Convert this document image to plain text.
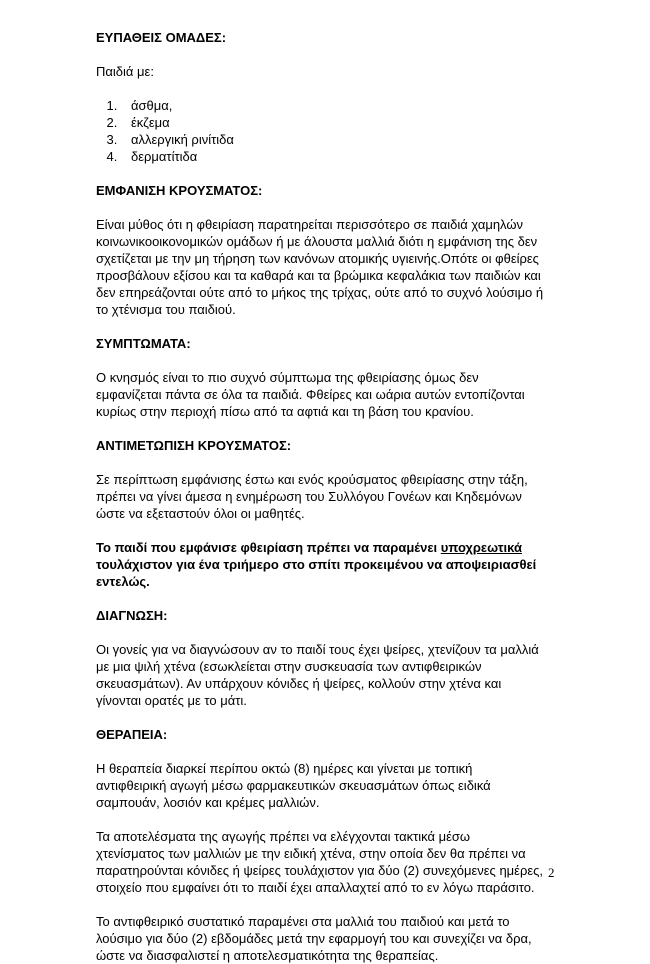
ΕΥΠΑΘΕΙΣ ΟΜΑΔΕΣ:

Παιδιά με:

1. άσθμα,
2. έκζεμα
3. αλλεργική ρινίτιδα
4. δερματίτιδα
ΕΜΦΑΝΙΣΗ ΚΡΟΥΣΜΑΤΟΣ:

Είναι μύθος ότι η φθειρίαση παρατηρείται περισσότερο σε παιδιά χαμηλών
κοινωνικοοικονομικών ομάδων ή με άλουστα μαλλιά διότι η εμφάνιση της δεν
σχετίζεται με την μη τήρηση των κανόνων ατομικής υγιεινής.Οπότε οι φθείρες
προσβάλουν εξίσου και τα καθαρά και τα βρώμικα κεφαλάκια των παιδιών και
δεν επηρεάζονται ούτε από το μήκος της τρίχας, ούτε από το συχνό λούσιμο ή
το χτένισμα του παιδιού.

ΣΥΜΠΤΩΜΑΤΑ:

Ο κνησμός είναι το πιο συχνό σύμπτωμα της φθειρίασης όμως δεν
εμφανίζεται πάντα σε όλα τα παιδιά. Φθείρες και ωάρια αυτών εντοπίζονται
κυρίως στην περιοχή πίσω από τα αφτιά και τη βάση του κρανίου.

ΑΝΤΙΜΕΤΩΠΙΣΗ ΚΡΟΥΣΜΑΤΟΣ:

Σε περίπτωση εμφάνισης έστω και ενός κρούσματος φθειρίασης στην τάξη,
πρέπει να γίνει άμεσα η ενημέρωση του Συλλόγου Γονέων και Κηδεμόνων
ώστε να εξεταστούν όλοι οι μαθητές.

Το παιδί που εμφάνισε φθειρίαση πρέπει να παραμένει υποχρεωτικά
τουλάχιστον για ένα τριήμερο στο σπίτι προκειμένου να αποψειριασθεί
εντελώς.

ΔΙΑΓΝΩΣΗ:

Οι γονείς για να διαγνώσουν αν το παιδί τους έχει ψείρες, χτενίζουν τα μαλλιά
με μια ψιλή χτένα (εσωκλείεται στην συσκευασία των αντιφθειρικών
σκευασμάτων). Αν υπάρχουν κόνιδες ή ψείρες, κολλούν στην χτένα και
γίνονται ορατές με το μάτι.

ΘΕΡΑΠΕΙΑ:

Η θεραπεία διαρκεί περίπου οκτώ (8) ημέρες και γίνεται με τοπική
αντιφθειρική αγωγή μέσω φαρμακευτικών σκευασμάτων όπως ειδικά
σαμπουάν, λοσιόν και κρέμες μαλλιών.

Τα αποτελέσματα της αγωγής πρέπει να ελέγχονται τακτικά μέσω
χτενίσματος των μαλλιών με την ειδική χτένα, στην οποία δεν θα πρέπει να
παρατηρούνται κόνιδες ή ψείρες τουλάχιστον για δύο (2) συνεχόμενες ημέρες,
στοιχείο που εμφαίνει ότι το παιδί έχει απαλλαχτεί από το εν λόγω παράσιτο.

Το αντιφθειρικό συστατικό παραμένει στα μαλλιά του παιδιού και μετά το
λούσιμο για δύο (2) εβδομάδες μετά την εφαρμογή του και συνεχίζει να δρα,
ώστε να διασφαλιστεί η αποτελεσματικότητα της θεραπείας.

2
